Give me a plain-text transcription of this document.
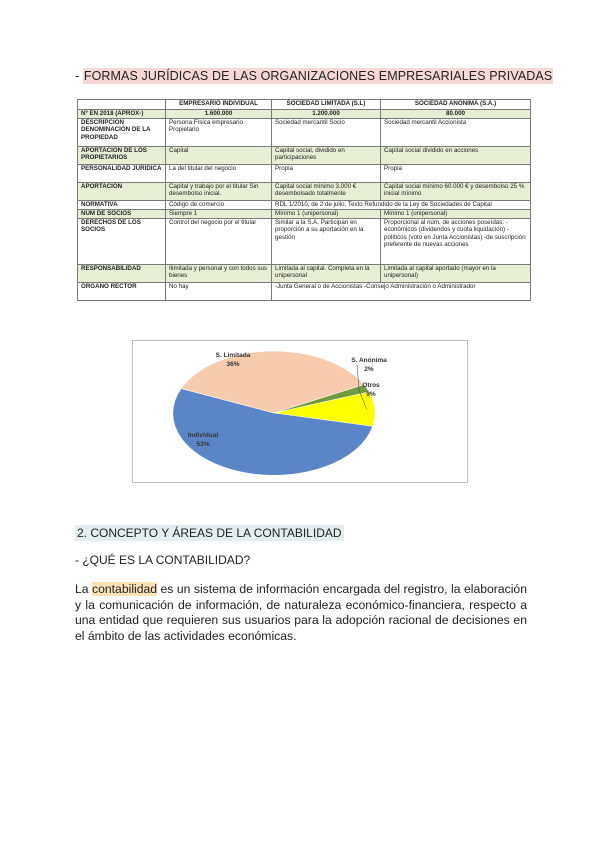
- FORMAS JURÍDICAS DE LAS ORGANIZACIONES EMPRESARIALES PRIVADAS
	EMPRESARIO INDIVIDUAL	SOCIEDAD LIMITADA (S.L)	SOCIEDAD ANONIMA (S.A.)
Nº EN 2018 (APROX-)	1.600.000	1.200.000	80.000
DESCRIPCIÓN DENOMINACIÓN DE LA PROPIEDAD	Persona Física empresario Propietario	Sociedad mercantil Socio	Sociedad mercantil Accionista
APORTACION DE LOS PROPIETARIOS	Capital	Capital social, dividido en participaciones	Capital social dividido en acciones
PERSONALIDAD JURIDICA	La del titular del negocio	Propia	Propia
APORTACIÓN	Capital y trabajo por el titular Sin desembolso inicial.	Capital social mínimo 3.000 € desembolsado totalmente	Capital social mínimo 60.000 € y desembolso 25 % inicial mínimo
NORMATIVA	Código de comercio	RDL 1/2010, de 2 de julio, Texto Refundido de la Ley de Sociedades de Capital	
NÚM DE SOCIOS	Siempre 1	Mínimo 1 (unipersonal)	Mínimo 1 (unipersonal)
DERECHOS DE LOS SOCIOS	Control del negocio por el titular	Similar a la S.A. Participan en proporción a su aportación en la gestión	Proporcional al núm. de acciones poseídas: -económicos (dividendos y cuota liquidación) -políticos (voto en Junta Accionistas) -de suscripción preferente de nuevas acciones
RESPONSABILIDAD	Ilimitada y personal y con todos sus bienes	Limitada al capital. Completa en la unipersonal	Limitada al capital aportado (mayor en la unipersonal)
ÓRGANO RECTOR	No hay	-Junta General o de Accionistas -Consejo Administración o Administrador	
Otros
9%
Individual
53%
S. Limitada
36%
S. Anónima
2%
2. CONCEPTO Y ÁREAS DE LA CONTABILIDAD
- ¿QUÉ ES LA CONTABILIDAD?

La contabilidad es un sistema de información encargada del registro, la elaboración y la comunicación de información, de naturaleza económico-financiera, respecto a una entidad que requieren sus usuarios para la adopción racional de decisiones en el ámbito de las actividades económicas.
